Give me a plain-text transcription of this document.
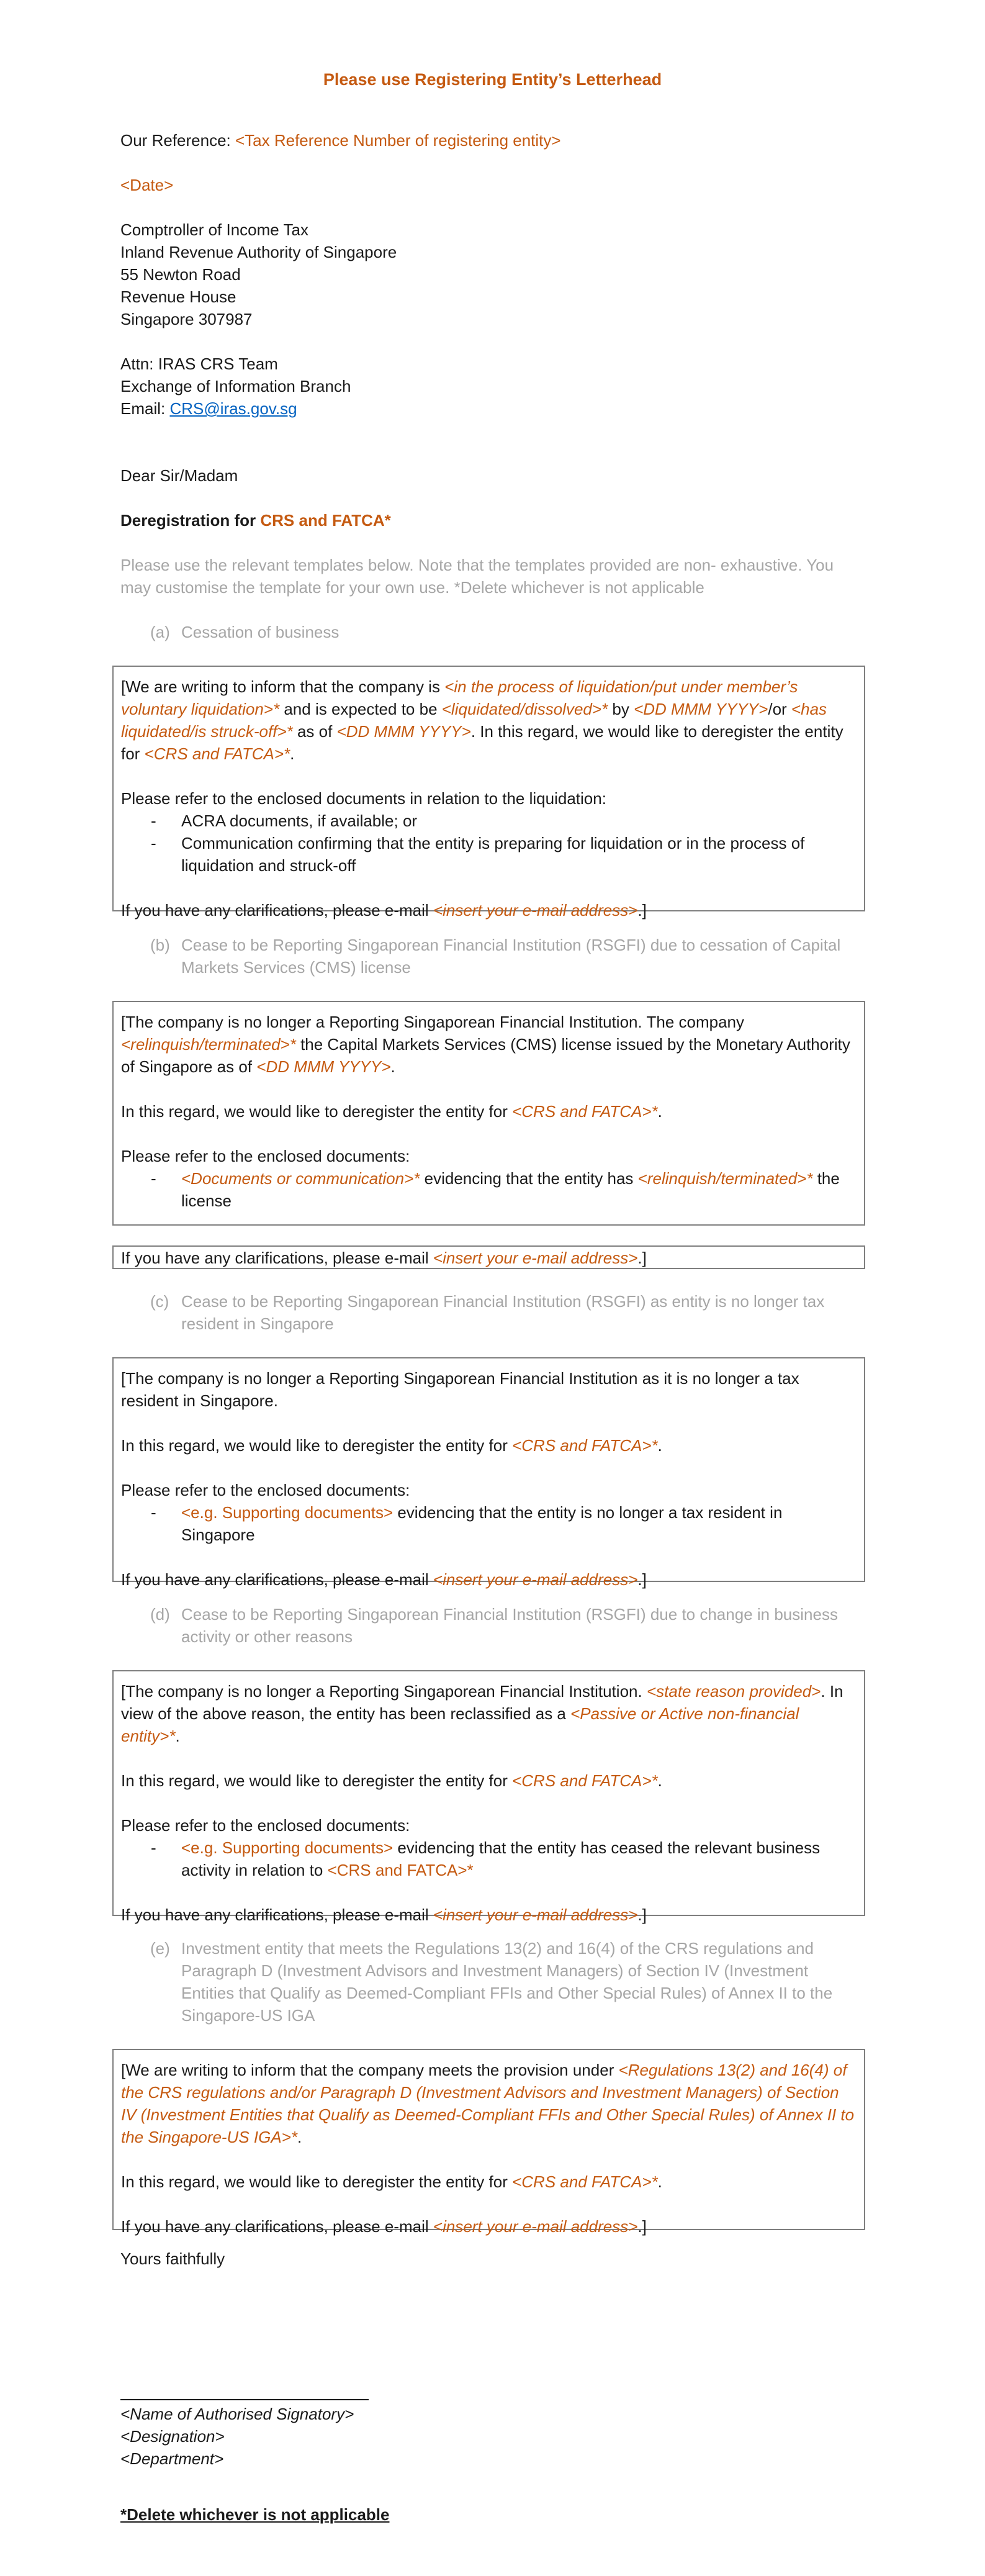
Please use Registering Entity’s Letterhead
Our Reference: <Tax Reference Number of registering entity>
<Date>
Comptroller of Income Tax
Inland Revenue Authority of Singapore
55 Newton Road
Revenue House
Singapore 307987
Attn: IRAS CRS Team
Exchange of Information Branch
Email: CRS@iras.gov.sg
Dear Sir/Madam
Deregistration for CRS and FATCA*
Please use the relevant templates below. Note that the templates provided are non- exhaustive. You may customise the template for your own use. *Delete whichever is not applicable
(a) Cessation of business

[We are writing to inform that the company is <in the process of liquidation/put under member’s voluntary liquidation>* and is expected to be <liquidated/dissolved>* by <DD MMM YYYY>/or <has liquidated/is struck-off>* as of <DD MMM YYYY>. In this regard, we would like to deregister the entity for <CRS and FATCA>*.

Please refer to the enclosed documents in relation to the liquidation:

-	ACRA documents, if available; or
-	Communication confirming that the entity is preparing for liquidation or in the process of liquidation and struck-off

If you have any clarifications, please e-mail <insert your e-mail address>.]

(b) Cease to be Reporting Singaporean Financial Institution (RSGFI) due to cessation of Capital Markets Services (CMS) license

[The company is no longer a Reporting Singaporean Financial Institution. The company <relinquish/terminated>* the Capital Markets Services (CMS) license issued by the Monetary Authority of Singapore as of <DD MMM YYYY>.

In this regard, we would like to deregister the entity for <CRS and FATCA>*.

Please refer to the enclosed documents:

-	<Documents or communication>* evidencing that the entity has <relinquish/terminated>* the license

If you have any clarifications, please e-mail <insert your e-mail address>.]

(c) Cease to be Reporting Singaporean Financial Institution (RSGFI) as entity is no longer tax resident in Singapore

[The company is no longer a Reporting Singaporean Financial Institution as it is no longer a tax resident in Singapore.

In this regard, we would like to deregister the entity for <CRS and FATCA>*.

Please refer to the enclosed documents:

-	<e.g. Supporting documents> evidencing that the entity is no longer a tax resident in Singapore

If you have any clarifications, please e-mail <insert your e-mail address>.]

(d) Cease to be Reporting Singaporean Financial Institution (RSGFI) due to change in business activity or other reasons

[The company is no longer a Reporting Singaporean Financial Institution. <state reason provided>. In view of the above reason, the entity has been reclassified as a <Passive or Active non-financial entity>*.

In this regard, we would like to deregister the entity for <CRS and FATCA>*.

Please refer to the enclosed documents:

-	<e.g. Supporting documents> evidencing that the entity has ceased the relevant business activity in relation to <CRS and FATCA>*

If you have any clarifications, please e-mail <insert your e-mail address>.]

(e) Investment entity that meets the Regulations 13(2) and 16(4) of the CRS regulations and Paragraph D (Investment Advisors and Investment Managers) of Section IV (Investment Entities that Qualify as Deemed-Compliant FFIs and Other Special Rules) of Annex II to the Singapore-US IGA

[We are writing to inform that the company meets the provision under <Regulations 13(2) and 16(4) of the CRS regulations and/or Paragraph D (Investment Advisors and Investment Managers) of Section IV (Investment Entities that Qualify as Deemed-Compliant FFIs and Other Special Rules) of Annex II to the Singapore-US IGA>*.

In this regard, we would like to deregister the entity for <CRS and FATCA>*.

If you have any clarifications, please e-mail <insert your e-mail address>.]

Yours faithfully
<Name of Authorised Signatory>
<Designation>
<Department>
*Delete whichever is not applicable
